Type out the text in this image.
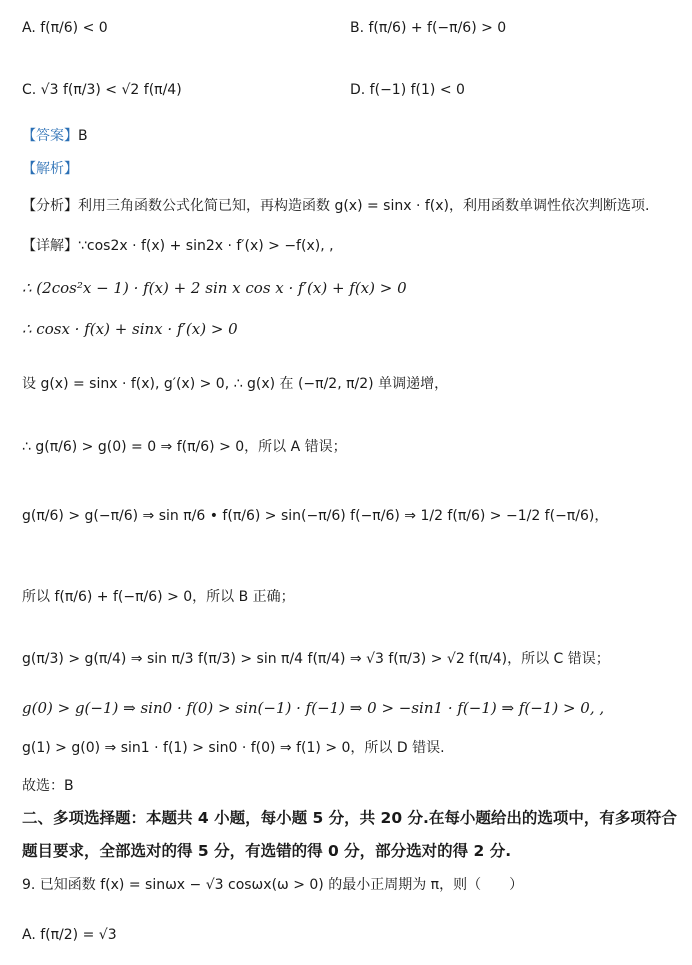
A. f(π/6) < 0	B. f(π/6) + f(−π/6) > 0
C. √3 f(π/3) < √2 f(π/4)	D. f(−1) f(1) < 0
【答案】 B
【解析】
【分析】利用三角函数公式化简已知，再构造函数 g(x) = sinx · f(x)，利用函数单调性依次判断选项.
【详解】∵cos2x · f(x) + sin2x · f′(x) > −f(x), ,
∴ (2cos²x − 1) · f(x) + 2 sin x cos x · f′(x) + f(x) > 0
∴ cosx · f(x) + sinx · f′(x) > 0
设 g(x) = sinx · f(x), g′(x) > 0, ∴ g(x) 在 (−π/2, π/2) 单调递增，
∴ g(π/6) > g(0) = 0 ⇒ f(π/6) > 0，所以 A 错误；
g(π/6) > g(−π/6) ⇒ sin π/6 • f(π/6) > sin(−π/6) f(−π/6) ⇒ 1/2 f(π/6) > −1/2 f(−π/6)，
所以 f(π/6) + f(−π/6) > 0，所以 B 正确；
g(π/3) > g(π/4) ⇒ sin π/3 f(π/3) > sin π/4 f(π/4) ⇒ √3 f(π/3) > √2 f(π/4)，所以 C 错误；
g(0) > g(−1) ⇒ sin0 · f(0) > sin(−1) · f(−1) ⇒ 0 > −sin1 · f(−1) ⇒ f(−1) > 0, ,
g(1) > g(0) ⇒ sin1 · f(1) > sin0 · f(0) ⇒ f(1) > 0，所以 D 错误.
故选：B
二、多项选择题：本题共 4 小题，每小题 5 分，共 20 分.在每小题给出的选项中，有多项符合
题目要求，全部选对的得 5 分，有选错的得 0 分，部分选对的得 2 分.
9. 已知函数 f(x) = sinωx − √3 cosωx(ω > 0) 的最小正周期为 π，则（　　）
A. f(π/2) = √3
